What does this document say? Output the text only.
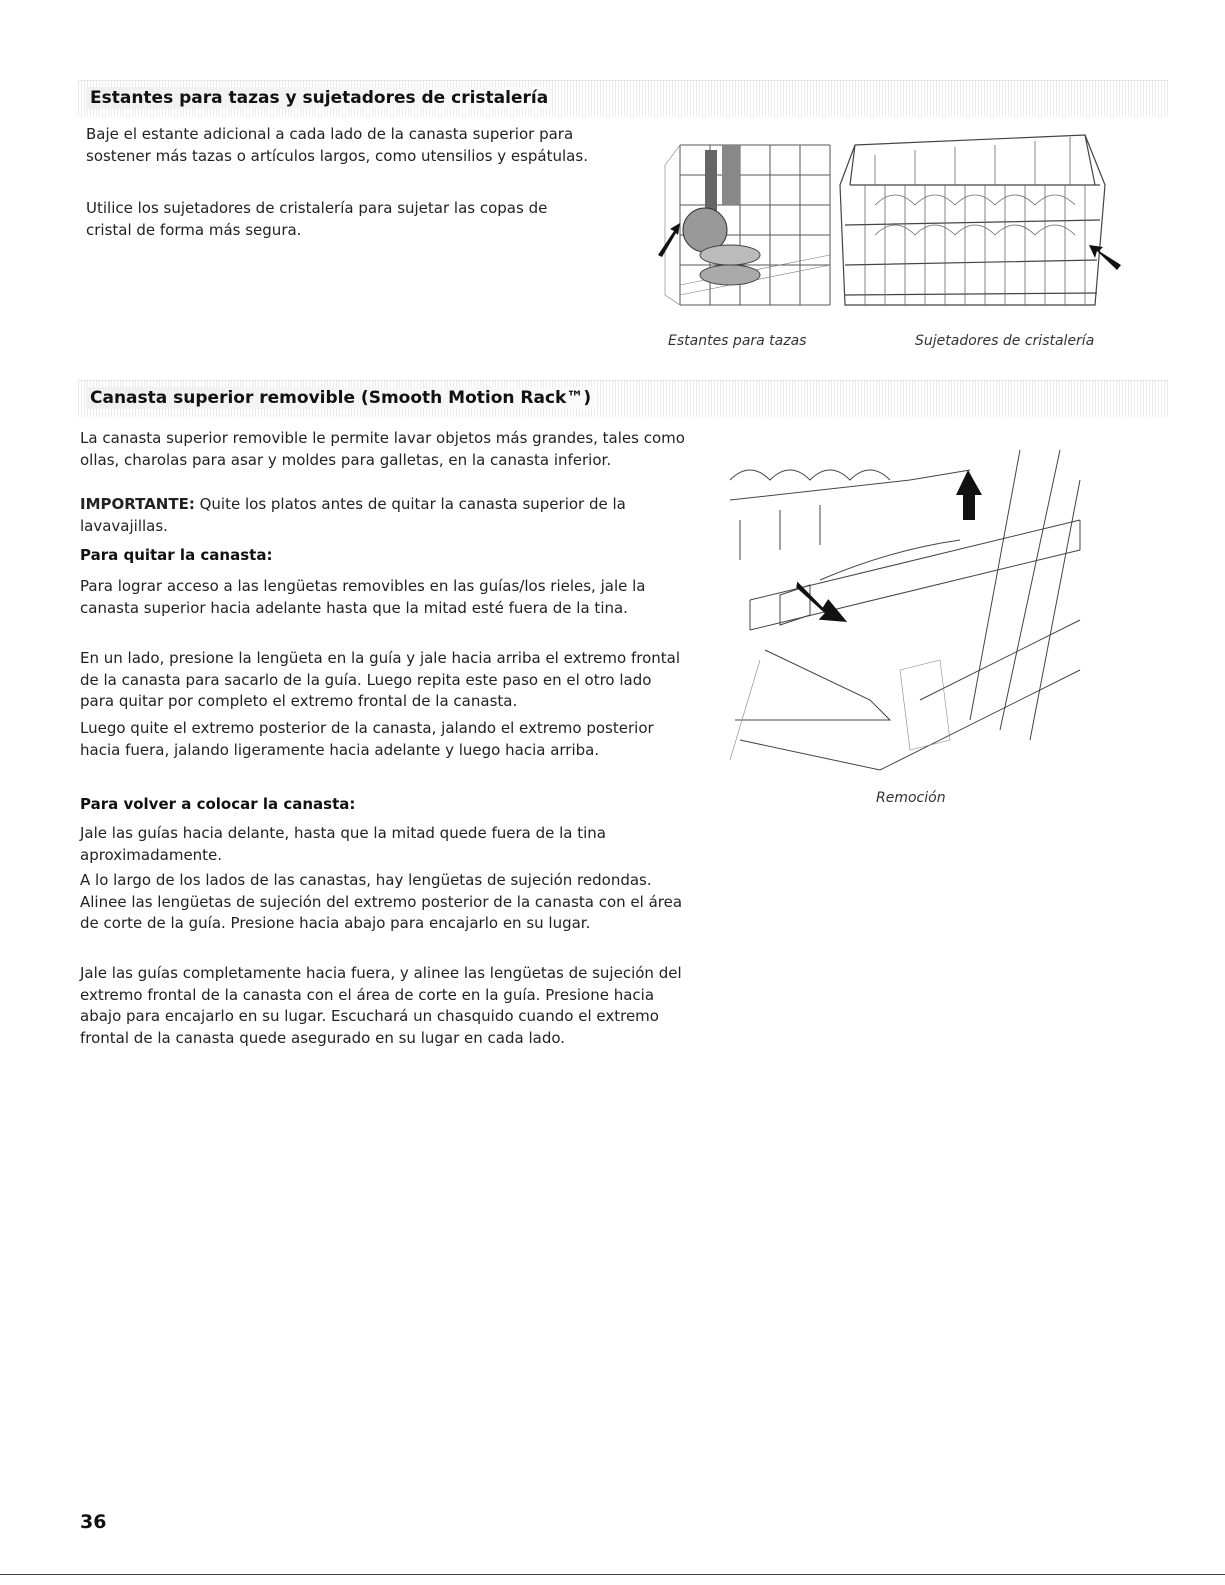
Estantes para tazas y sujetadores de cristalería

Baje el estante adicional a cada lado de la canasta superior para sostener más tazas o artículos largos, como utensilios y espátulas.

Utilice los sujetadores de cristalería para sujetar las copas de cristal de forma más segura.

Estantes para tazas	Sujetadores de cristalería

Canasta superior removible (Smooth Motion Rack™)

La canasta superior removible le permite lavar objetos más grandes, tales como ollas, charolas para asar y moldes para galletas, en la canasta inferior.

IMPORTANTE: Quite los platos antes de quitar la canasta superior de la lavavajillas.

Para quitar la canasta:

Para lograr acceso a las lengüetas removibles en las guías/los rieles, jale la canasta superior hacia adelante hasta que la mitad esté fuera de la tina.

En un lado, presione la lengüeta en la guía y jale hacia arriba el extremo frontal de la canasta para sacarlo de la guía. Luego repita este paso en el otro lado para quitar por completo el extremo frontal de la canasta.

Luego quite el extremo posterior de la canasta, jalando el extremo posterior hacia fuera, jalando ligeramente hacia adelante y luego hacia arriba.

Para volver a colocar la canasta:

Jale las guías hacia delante, hasta que la mitad quede fuera de la tina aproximadamente.

A lo largo de los lados de las canastas, hay lengüetas de sujeción redondas. Alinee las lengüetas de sujeción del extremo posterior de la canasta con el área de corte de la guía. Presione hacia abajo para encajarlo en su lugar.

Jale las guías completamente hacia fuera, y alinee las lengüetas de sujeción del extremo frontal de la canasta con el área de corte en la guía. Presione hacia abajo para encajarlo en su lugar. Escuchará un chasquido cuando el extremo frontal de la canasta quede asegurado en su lugar en cada lado.

Remoción

36
